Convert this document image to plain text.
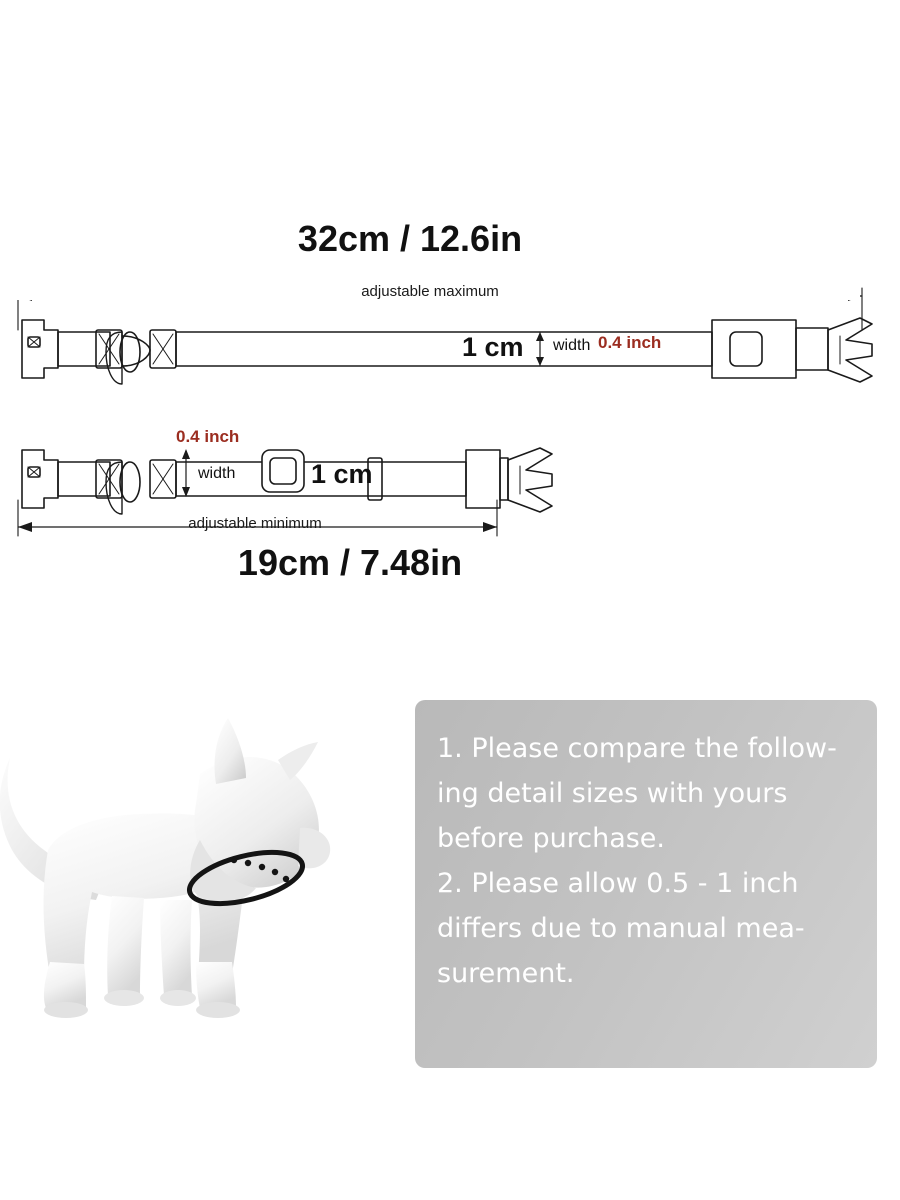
32cm / 12.6in
19cm / 7.48in
adjustable maximum
adjustable minimum
1 cm width 0.4 inch
0.4 inch
width	1 cm
1. Please compare the follow-
ing detail sizes with yours
before purchase.
2. Please allow 0.5 - 1 inch
differs due to manual mea-
surement.
